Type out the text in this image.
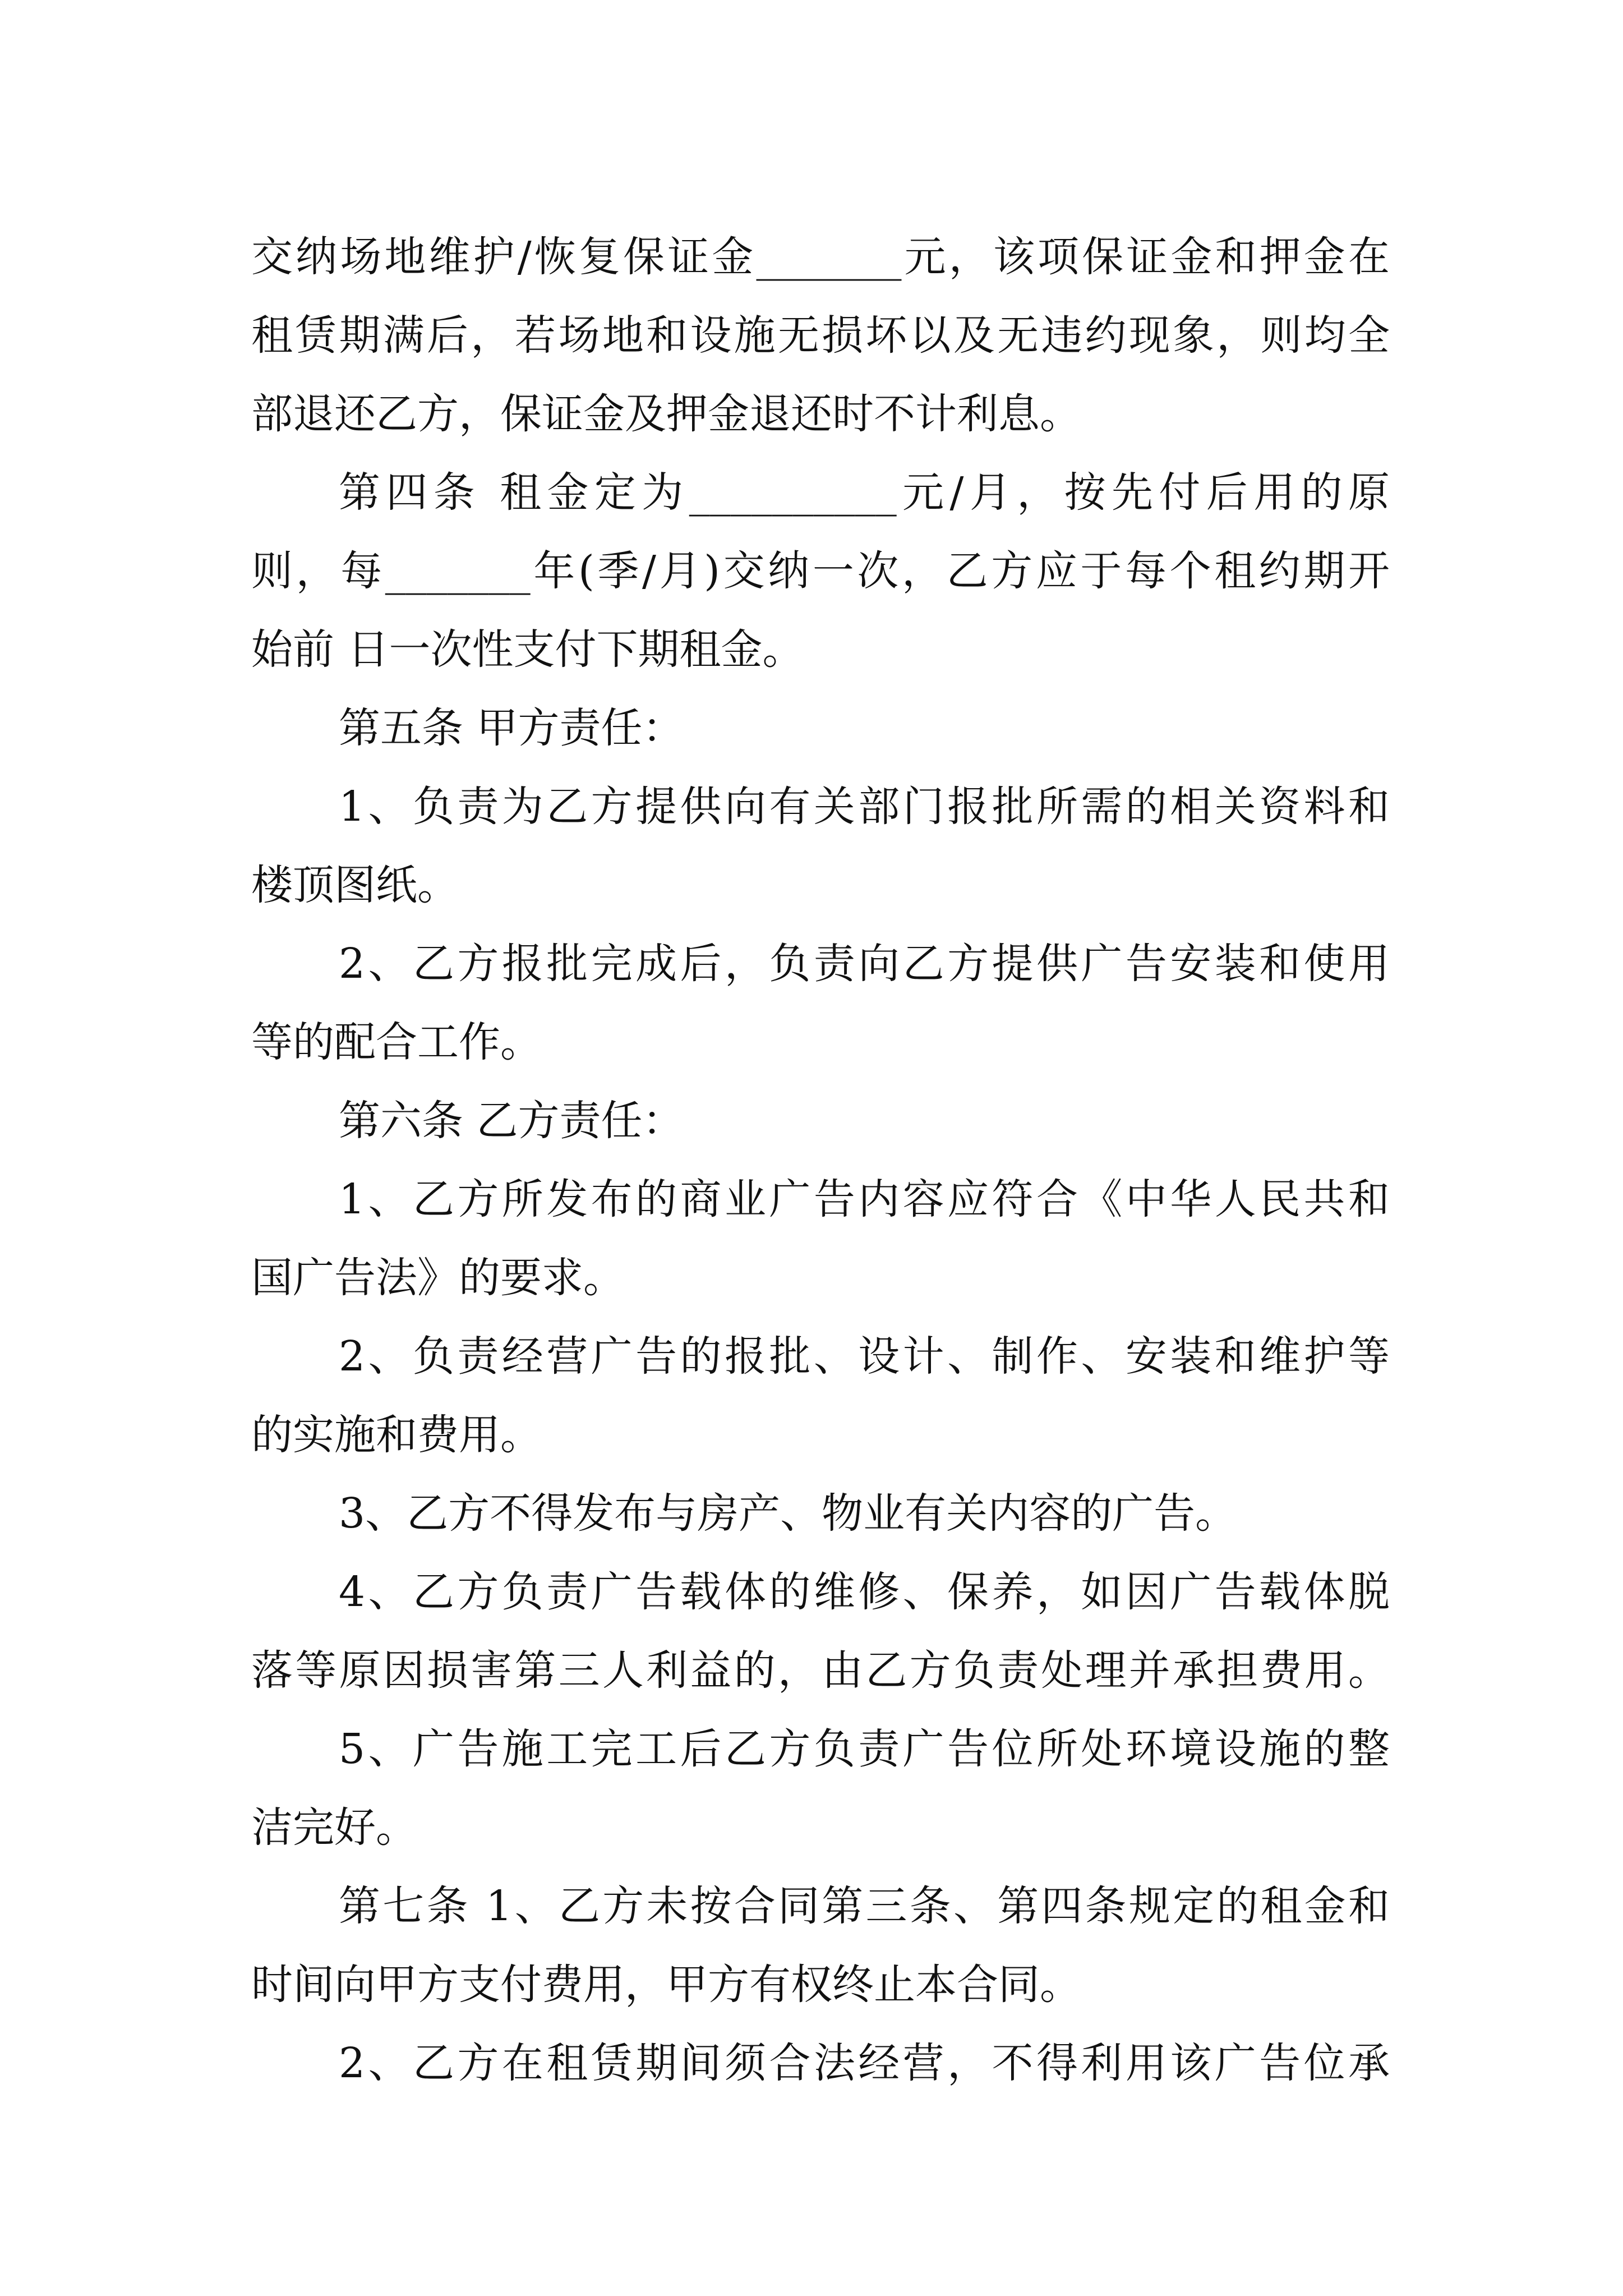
交纳场地维护/恢复保证金_______元，该项保证金和押金在
租赁期满后，若场地和设施无损坏以及无违约现象，则均全
部退还乙方，保证金及押金退还时不计利息。
第四条 租金定为__________元/月，按先付后用的原
则，每_______年(季/月)交纳一次，乙方应于每个租约期开
始前 日一次性支付下期租金。
第五条 甲方责任：
1、负责为乙方提供向有关部门报批所需的相关资料和
楼顶图纸。
2、乙方报批完成后，负责向乙方提供广告安装和使用
等的配合工作。
第六条 乙方责任：
1、乙方所发布的商业广告内容应符合《中华人民共和
国广告法》的要求。
2、负责经营广告的报批、设计、制作、安装和维护等
的实施和费用。
3、乙方不得发布与房产、物业有关内容的广告。
4、乙方负责广告载体的维修、保养，如因广告载体脱
落等原因损害第三人利益的，由乙方负责处理并承担费用。
5、广告施工完工后乙方负责广告位所处环境设施的整
洁完好。
第七条 1、乙方未按合同第三条、第四条规定的租金和
时间向甲方支付费用，甲方有权终止本合同。
2、乙方在租赁期间须合法经营，不得利用该广告位承
